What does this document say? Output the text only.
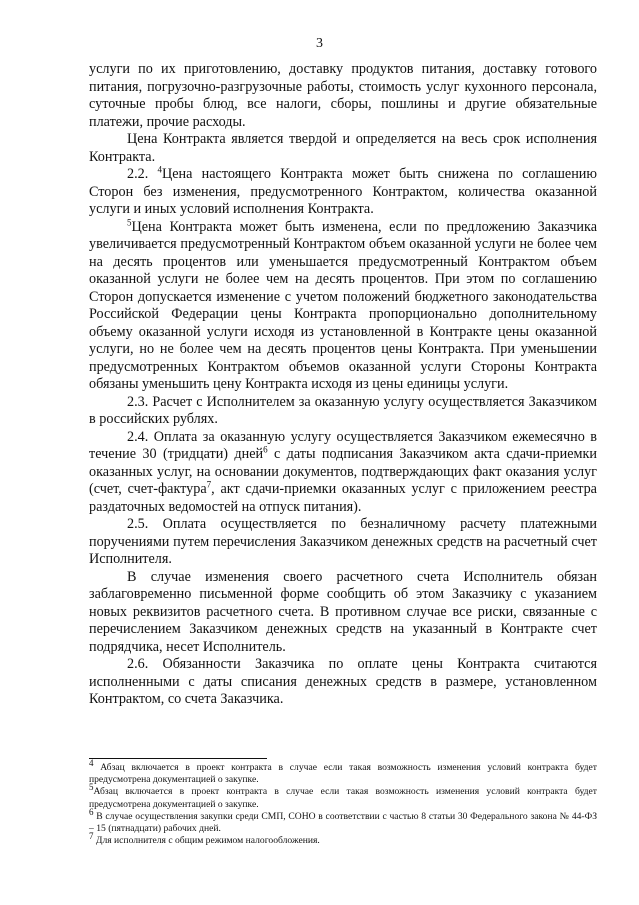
3

услуги по их приготовлению, доставку продуктов питания, доставку готового питания, погрузочно-разгрузочные работы, стоимость услуг кухонного персонала, суточные пробы блюд, все налоги, сборы, пошлины и другие обязательные платежи, прочие расходы.

Цена Контракта является твердой и определяется на весь срок исполнения Контракта.

2.2. $^4$Цена настоящего Контракта может быть снижена по соглашению Сторон без изменения, предусмотренного Контрактом, количества оказанной услуги и иных условий исполнения Контракта.

$^5$Цена Контракта может быть изменена, если по предложению Заказчика увеличивается предусмотренный Контрактом объем оказанной услуги не более чем на десять процентов или уменьшается предусмотренный Контрактом объем оказанной услуги не более чем на десять процентов. При этом по соглашению Сторон допускается изменение с учетом положений бюджетного законодательства Российской Федерации цены Контракта пропорционально дополнительному объему оказанной услуги исходя из установленной в Контракте цены оказанной услуги, но не более чем на десять процентов цены Контракта. При уменьшении предусмотренных Контрактом объемов оказанной услуги Стороны Контракта обязаны уменьшить цену Контракта исходя из цены единицы услуги.

2.3. Расчет с Исполнителем за оказанную услугу осуществляется Заказчиком в российских рублях.

2.4. Оплата за оказанную услугу осуществляется Заказчиком ежемесячно в течение 30 (тридцати) дней$^6$ с даты подписания Заказчиком акта сдачи-приемки оказанных услуг, на основании документов, подтверждающих факт оказания услуг (счет, счет-фактура$^7$, акт сдачи-приемки оказанных услуг с приложением реестра раздаточных ведомостей на отпуск питания).

2.5. Оплата осуществляется по безналичному расчету платежными поручениями путем перечисления Заказчиком денежных средств на расчетный счет Исполнителя.

В случае изменения своего расчетного счета Исполнитель обязан заблаговременно письменной форме сообщить об этом Заказчику с указанием новых реквизитов расчетного счета. В противном случае все риски, связанные с перечислением Заказчиком денежных средств на указанный в Контракте счет подрядчика, несет Исполнитель.

2.6. Обязанности Заказчика по оплате цены Контракта считаются исполненными с даты списания денежных средств в размере, установленном Контрактом, со счета Заказчика.

$^4$ Абзац включается в проект контракта в случае если такая возможность изменения условий контракта будет предусмотрена документацией о закупке.

$^5$Абзац включается в проект контракта в случае если такая возможность изменения условий контракта будет предусмотрена документацией о закупке.

$^6$ В случае осуществления закупки среди СМП, СОНО в соответствии с частью 8 статьи 30 Федерального закона № 44-ФЗ – 15 (пятнадцати) рабочих дней.

$^7$ Для исполнителя с общим режимом налогообложения.
